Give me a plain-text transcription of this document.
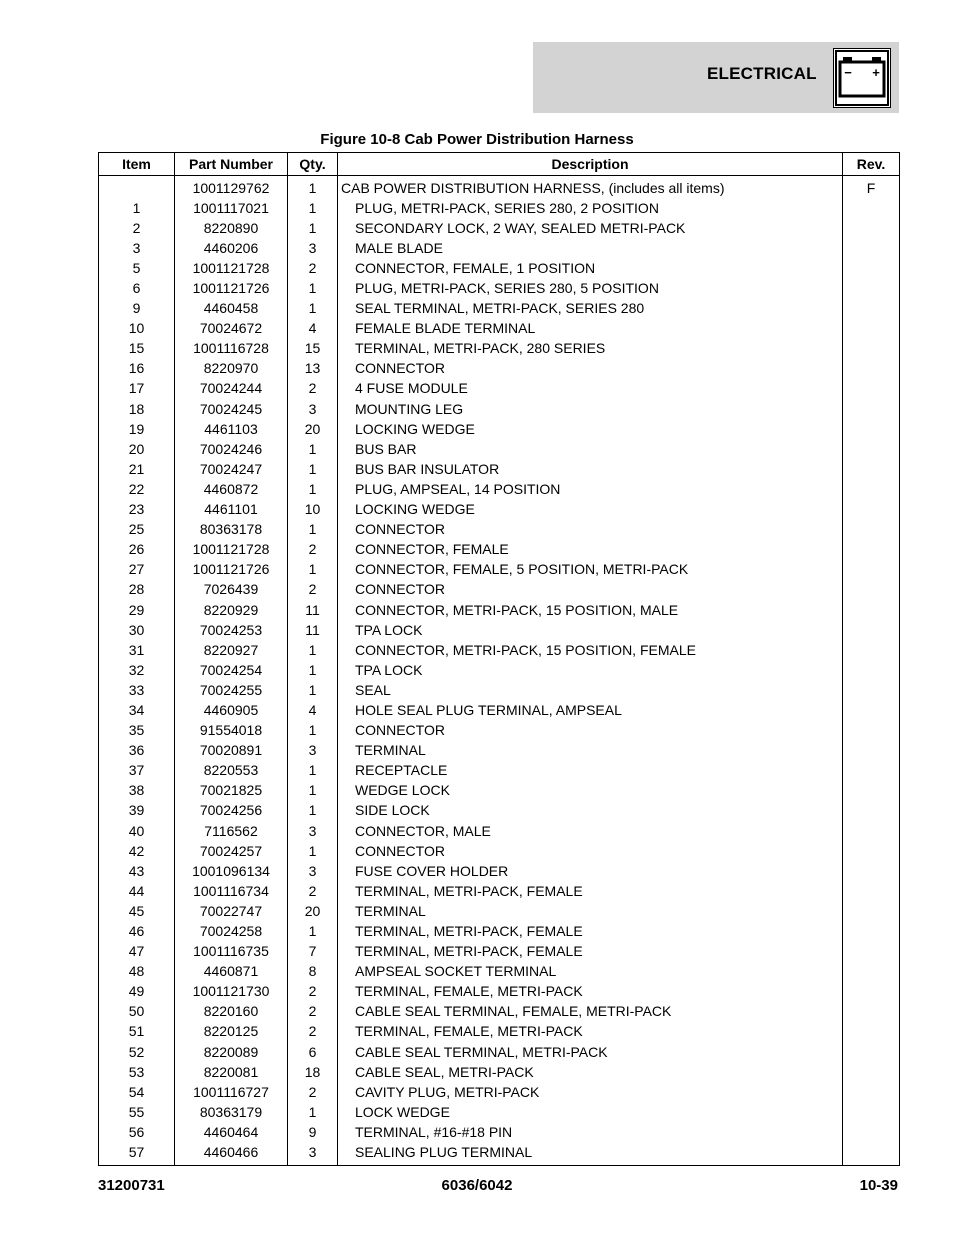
ELECTRICAL − +
Figure 10-8 Cab Power Distribution Harness
Item	Part Number	Qty.	Description	Rev.
	1001129762	1	CAB POWER DISTRIBUTION HARNESS, (includes all items)	F
1	1001117021	1	PLUG, METRI-PACK, SERIES 280, 2 POSITION	
2	8220890	1	SECONDARY LOCK, 2 WAY, SEALED METRI-PACK	
3	4460206	3	MALE BLADE	
5	1001121728	2	CONNECTOR, FEMALE, 1 POSITION	
6	1001121726	1	PLUG, METRI-PACK, SERIES 280, 5 POSITION	
9	4460458	1	SEAL TERMINAL, METRI-PACK, SERIES 280	
10	70024672	4	FEMALE BLADE TERMINAL	
15	1001116728	15	TERMINAL, METRI-PACK, 280 SERIES	
16	8220970	13	CONNECTOR	
17	70024244	2	4 FUSE MODULE	
18	70024245	3	MOUNTING LEG	
19	4461103	20	LOCKING WEDGE	
20	70024246	1	BUS BAR	
21	70024247	1	BUS BAR INSULATOR	
22	4460872	1	PLUG, AMPSEAL, 14 POSITION	
23	4461101	10	LOCKING WEDGE	
25	80363178	1	CONNECTOR	
26	1001121728	2	CONNECTOR, FEMALE	
27	1001121726	1	CONNECTOR, FEMALE, 5 POSITION, METRI-PACK	
28	7026439	2	CONNECTOR	
29	8220929	11	CONNECTOR, METRI-PACK, 15 POSITION, MALE	
30	70024253	11	TPA LOCK	
31	8220927	1	CONNECTOR, METRI-PACK, 15 POSITION, FEMALE	
32	70024254	1	TPA LOCK	
33	70024255	1	SEAL	
34	4460905	4	HOLE SEAL PLUG TERMINAL, AMPSEAL	
35	91554018	1	CONNECTOR	
36	70020891	3	TERMINAL	
37	8220553	1	RECEPTACLE	
38	70021825	1	WEDGE LOCK	
39	70024256	1	SIDE LOCK	
40	7116562	3	CONNECTOR, MALE	
42	70024257	1	CONNECTOR	
43	1001096134	3	FUSE COVER HOLDER	
44	1001116734	2	TERMINAL, METRI-PACK, FEMALE	
45	70022747	20	TERMINAL	
46	70024258	1	TERMINAL, METRI-PACK, FEMALE	
47	1001116735	7	TERMINAL, METRI-PACK, FEMALE	
48	4460871	8	AMPSEAL SOCKET TERMINAL	
49	1001121730	2	TERMINAL, FEMALE, METRI-PACK	
50	8220160	2	CABLE SEAL TERMINAL, FEMALE, METRI-PACK	
51	8220125	2	TERMINAL, FEMALE, METRI-PACK	
52	8220089	6	CABLE SEAL TERMINAL, METRI-PACK	
53	8220081	18	CABLE SEAL, METRI-PACK	
54	1001116727	2	CAVITY PLUG, METRI-PACK	
55	80363179	1	LOCK WEDGE	
56	4460464	9	TERMINAL, #16-#18 PIN	
57	4460466	3	SEALING PLUG TERMINAL	
31200731	6036/6042	10-39
